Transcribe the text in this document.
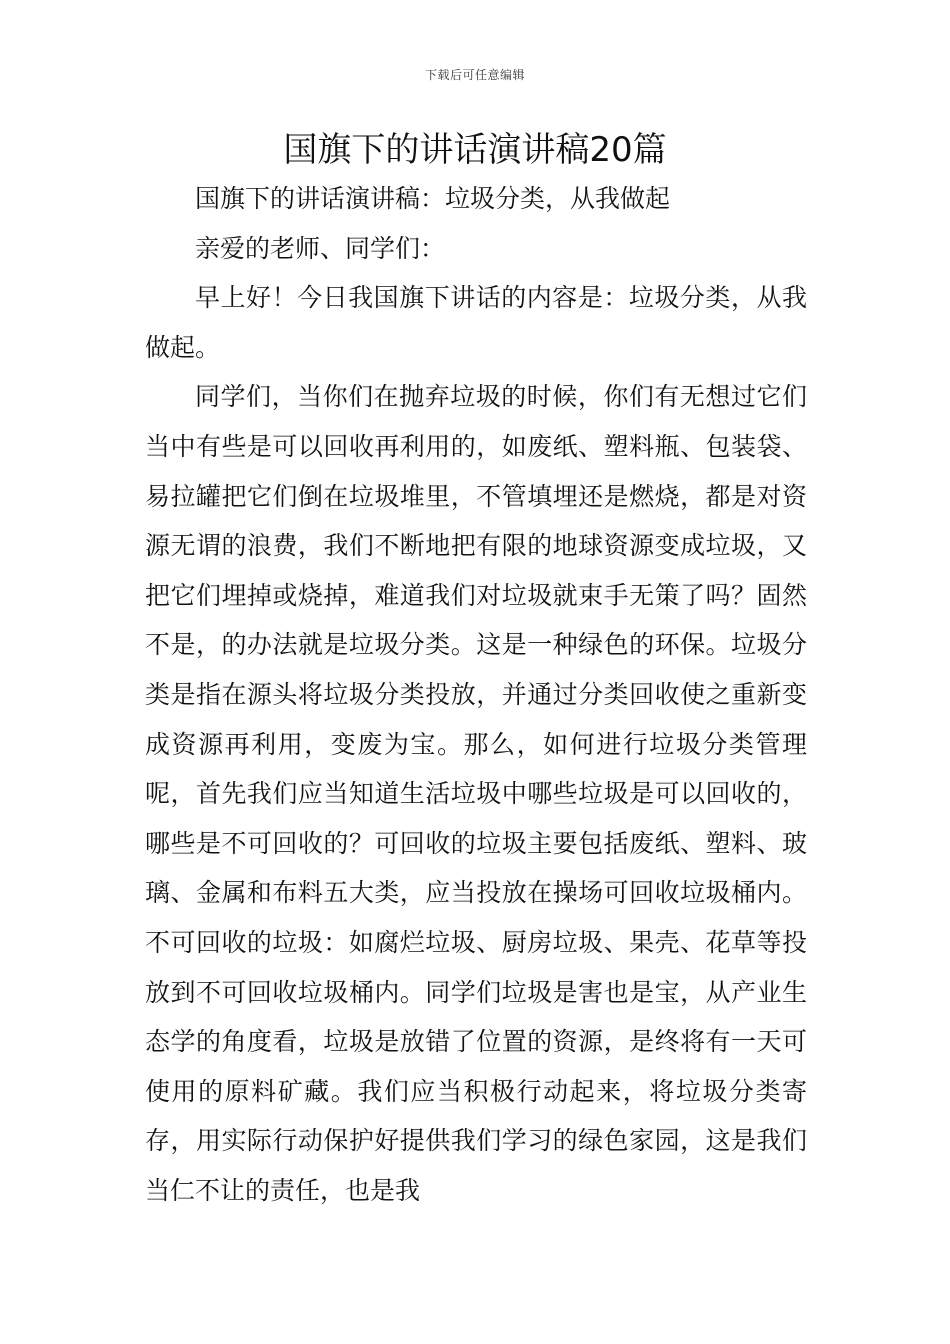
下载后可任意编辑
国旗下的讲话演讲稿20篇

国旗下的讲话演讲稿：垃圾分类，从我做起

亲爱的老师、同学们：

早上好！今日我国旗下讲话的内容是：垃圾分类，从我做起。

同学们，当你们在抛弃垃圾的时候，你们有无想过它们当中有些是可以回收再利用的，如废纸、塑料瓶、包装袋、易拉罐把它们倒在垃圾堆里，不管填埋还是燃烧，都是对资源无谓的浪费，我们不断地把有限的地球资源变成垃圾，又把它们埋掉或烧掉，难道我们对垃圾就束手无策了吗？固然不是，的办法就是垃圾分类。这是一种绿色的环保。垃圾分类是指在源头将垃圾分类投放，并通过分类回收使之重新变成资源再利用，变废为宝。那么，如何进行垃圾分类管理呢，首先我们应当知道生活垃圾中哪些垃圾是可以回收的，哪些是不可回收的？可回收的垃圾主要包括废纸、塑料、玻璃、金属和布料五大类，应当投放在操场可回收垃圾桶内。不可回收的垃圾：如腐烂垃圾、厨房垃圾、果壳、花草等投放到不可回收垃圾桶内。同学们垃圾是害也是宝，从产业生态学的角度看，垃圾是放错了位置的资源，是终将有一天可使用的原料矿藏。我们应当积极行动起来，将垃圾分类寄存，用实际行动保护好提供我们学习的绿色家园，这是我们当仁不让的责任，也是我
